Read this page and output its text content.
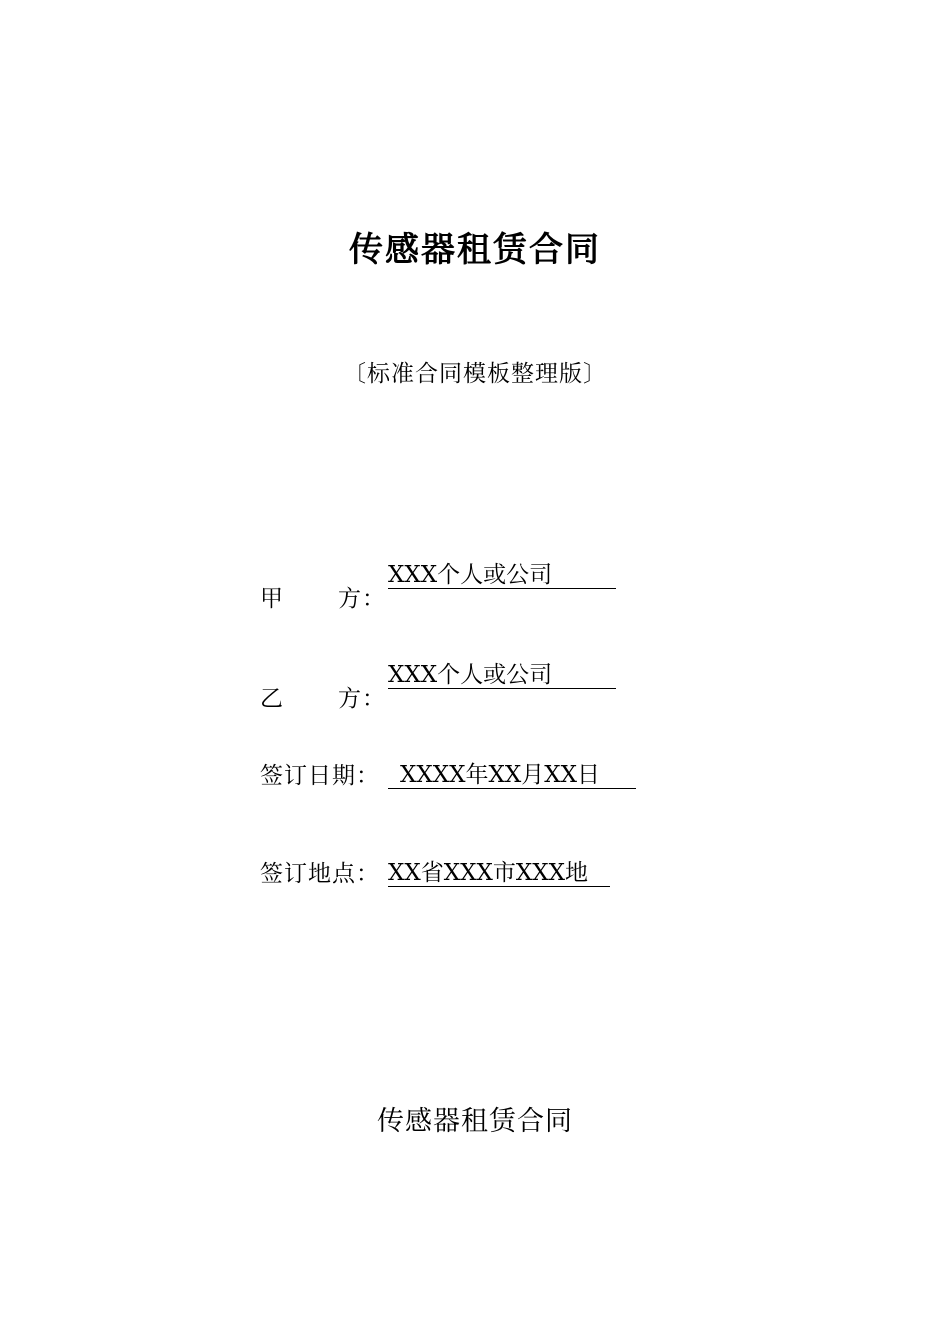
传感器租赁合同
〔标准合同模板整理版〕
甲 方：
XXX个人或公司
乙 方：
XXX个人或公司
签订日期： XXXX年XX月XX日
签订地点： XX省XXX市XXX地
传感器租赁合同
